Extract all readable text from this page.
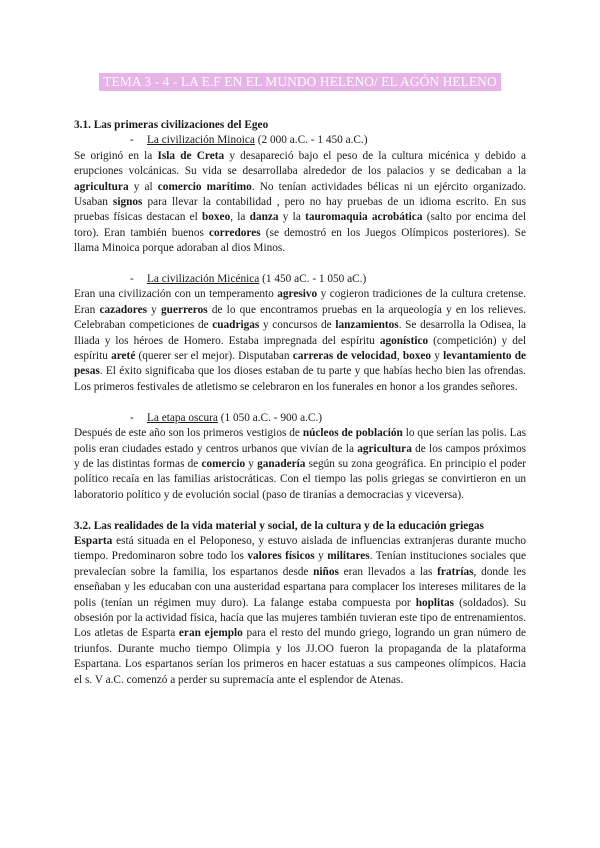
TEMA 3 - 4 - LA E.F EN EL MUNDO HELENO/ EL AGÓN HELENO

3.1. Las primeras civilizaciones del Egeo

- La civilización Minoica (2 000 a.C. - 1 450 a.C.)

Se originó en la Isla de Creta y desapareció bajo el peso de la cultura micénica y debido a erupciones volcánicas. Su vida se desarrollaba alrededor de los palacios y se dedicaban a la agricultura y al comercio marítimo. No tenían actividades bélicas ni un ejército organizado. Usaban signos para llevar la contabilidad , pero no hay pruebas de un idioma escrito. En sus pruebas físicas destacan el boxeo, la danza y la tauromaquia acrobática (salto por encima del toro). Eran también buenos corredores (se demostró en los Juegos Olímpicos posteriores). Se llama Minoica porque adoraban al dios Minos.

- La civilización Micénica (1 450 aC. - 1 050 aC.)

Eran una civilización con un temperamento agresivo y cogieron tradiciones de la cultura cretense. Eran cazadores y guerreros de lo que encontramos pruebas en la arqueología y en los relieves. Celebraban competiciones de cuadrigas y concursos de lanzamientos. Se desarrolla la Odisea, la Iliada y los héroes de Homero. Estaba impregnada del espíritu agonístico (competición) y del espíritu areté (querer ser el mejor). Disputaban carreras de velocidad, boxeo y levantamiento de pesas. El éxito significaba que los dioses estaban de tu parte y que habías hecho bien las ofrendas. Los primeros festivales de atletismo se celebraron en los funerales en honor a los grandes señores.

- La etapa oscura (1 050 a.C. - 900 a.C.)

Después de este año son los primeros vestigios de núcleos de población lo que serían las polis. Las polis eran ciudades estado y centros urbanos que vivían de la agricultura de los campos próximos y de las distintas formas de comercio y ganadería según su zona geográfica. En principio el poder político recaía en las familias aristocráticas. Con el tiempo las polis griegas se convirtieron en un laboratorio político y de evolución social (paso de tiranías a democracias y viceversa).

3.2. Las realidades de la vida material y social, de la cultura y de la educación griegas

Esparta está situada en el Peloponeso, y estuvo aislada de influencias extranjeras durante mucho tiempo. Predominaron sobre todo los valores físicos y militares. Tenían instituciones sociales que prevalecían sobre la familia, los espartanos desde niños eran llevados a las fratrías, donde les enseñaban y les educaban con una austeridad espartana para complacer los intereses militares de la polis (tenían un régimen muy duro). La falange estaba compuesta por hoplitas (soldados). Su obsesión por la actividad física, hacía que las mujeres también tuvieran este tipo de entrenamientos. Los atletas de Esparta eran ejemplo para el resto del mundo griego, logrando un gran número de triunfos. Durante mucho tiempo Olimpia y los JJ.OO fueron la propaganda de la plataforma Espartana. Los espartanos serían los primeros en hacer estatuas a sus campeones olímpicos. Hacia el s. V a.C. comenzó a perder su supremacía ante el esplendor de Atenas.
